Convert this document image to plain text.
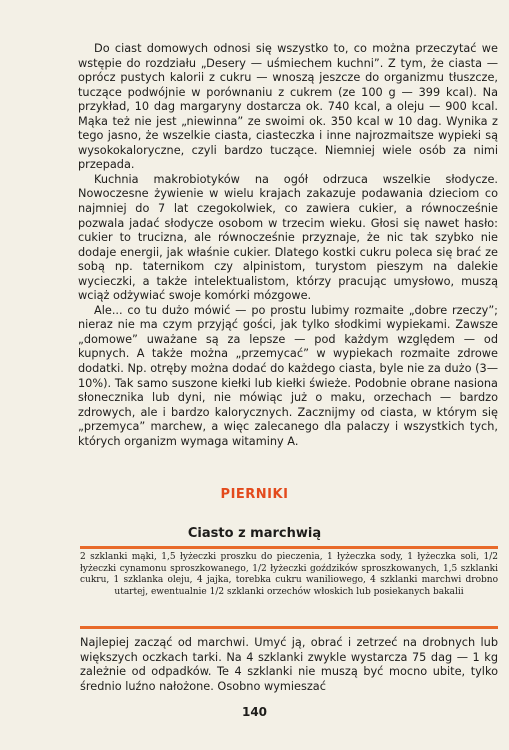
Do ciast domowych odnosi się wszystko to, co można przeczytać we wstępie do rozdziału „Desery — uśmiechem kuchni”. Z tym, że ciasta — oprócz pustych kalorii z cukru — wnoszą jeszcze do organizmu tłuszcze, tuczące podwójnie w porównaniu z cukrem (ze 100 g — 399 kcal). Na przykład, 10 dag margaryny dostarcza ok. 740 kcal, a oleju — 900 kcal. Mąka też nie jest „niewinna” ze swoimi ok. 350 kcal w 10 dag. Wynika z tego jasno, że wszelkie ciasta, ciasteczka i inne najrozmaitsze wypieki są wysokokaloryczne, czyli bardzo tuczące. Niemniej wiele osób za nimi przepada.

Kuchnia makrobiotyków na ogół odrzuca wszelkie słodycze. Nowoczesne żywienie w wielu krajach zakazuje podawania dzieciom co najmniej do 7 lat czegokolwiek, co zawiera cukier, a równocześnie pozwala jadać słodycze osobom w trzecim wieku. Głosi się nawet hasło: cukier to trucizna, ale równocześnie przyznaje, że nic tak szybko nie dodaje energii, jak właśnie cukier. Dlatego kostki cukru poleca się brać ze sobą np. taternikom czy alpinistom, turystom pieszym na dalekie wycieczki, a także intelektualistom, którzy pracując umysłowo, muszą wciąż odżywiać swoje komórki mózgowe.

Ale... co tu dużo mówić — po prostu lubimy rozmaite „dobre rzeczy”; nieraz nie ma czym przyjąć gości, jak tylko słodkimi wypiekami. Zawsze „domowe” uważane są za lepsze — pod każdym względem — od kupnych. A także można „przemycać” w wypiekach rozmaite zdrowe dodatki. Np. otręby można dodać do każdego ciasta, byle nie za dużo (3—10%). Tak samo suszone kiełki lub kiełki świeże. Podobnie obrane nasiona słonecznika lub dyni, nie mówiąc już o maku, orzechach — bardzo zdrowych, ale i bardzo kalorycznych. Zacznijmy od ciasta, w którym się „przemyca” marchew, a więc zalecanego dla palaczy i wszystkich tych, których organizm wymaga witaminy A.

PIERNIKI
Ciasto z marchwią
2 szklanki mąki, 1,5 łyżeczki proszku do pieczenia, 1 łyżeczka sody, 1 łyżeczka soli, 1/2 łyżeczki cynamonu sproszkowanego, 1/2 łyżeczki goździków sproszkowanych, 1,5 szklanki cukru, 1 szklanka oleju, 4 jajka, torebka cukru waniliowego, 4 szklanki marchwi drobno utartej, ewentualnie 1/2 szklanki orzechów włoskich lub posiekanych bakalii
Najlepiej zacząć od marchwi. Umyć ją, obrać i zetrzeć na drobnych lub większych oczkach tarki. Na 4 szklanki zwykle wystarcza 75 dag — 1 kg zależnie od odpadków. Te 4 szklanki nie muszą być mocno ubite, tylko średnio luźno nałożone. Osobno wymieszać
140
